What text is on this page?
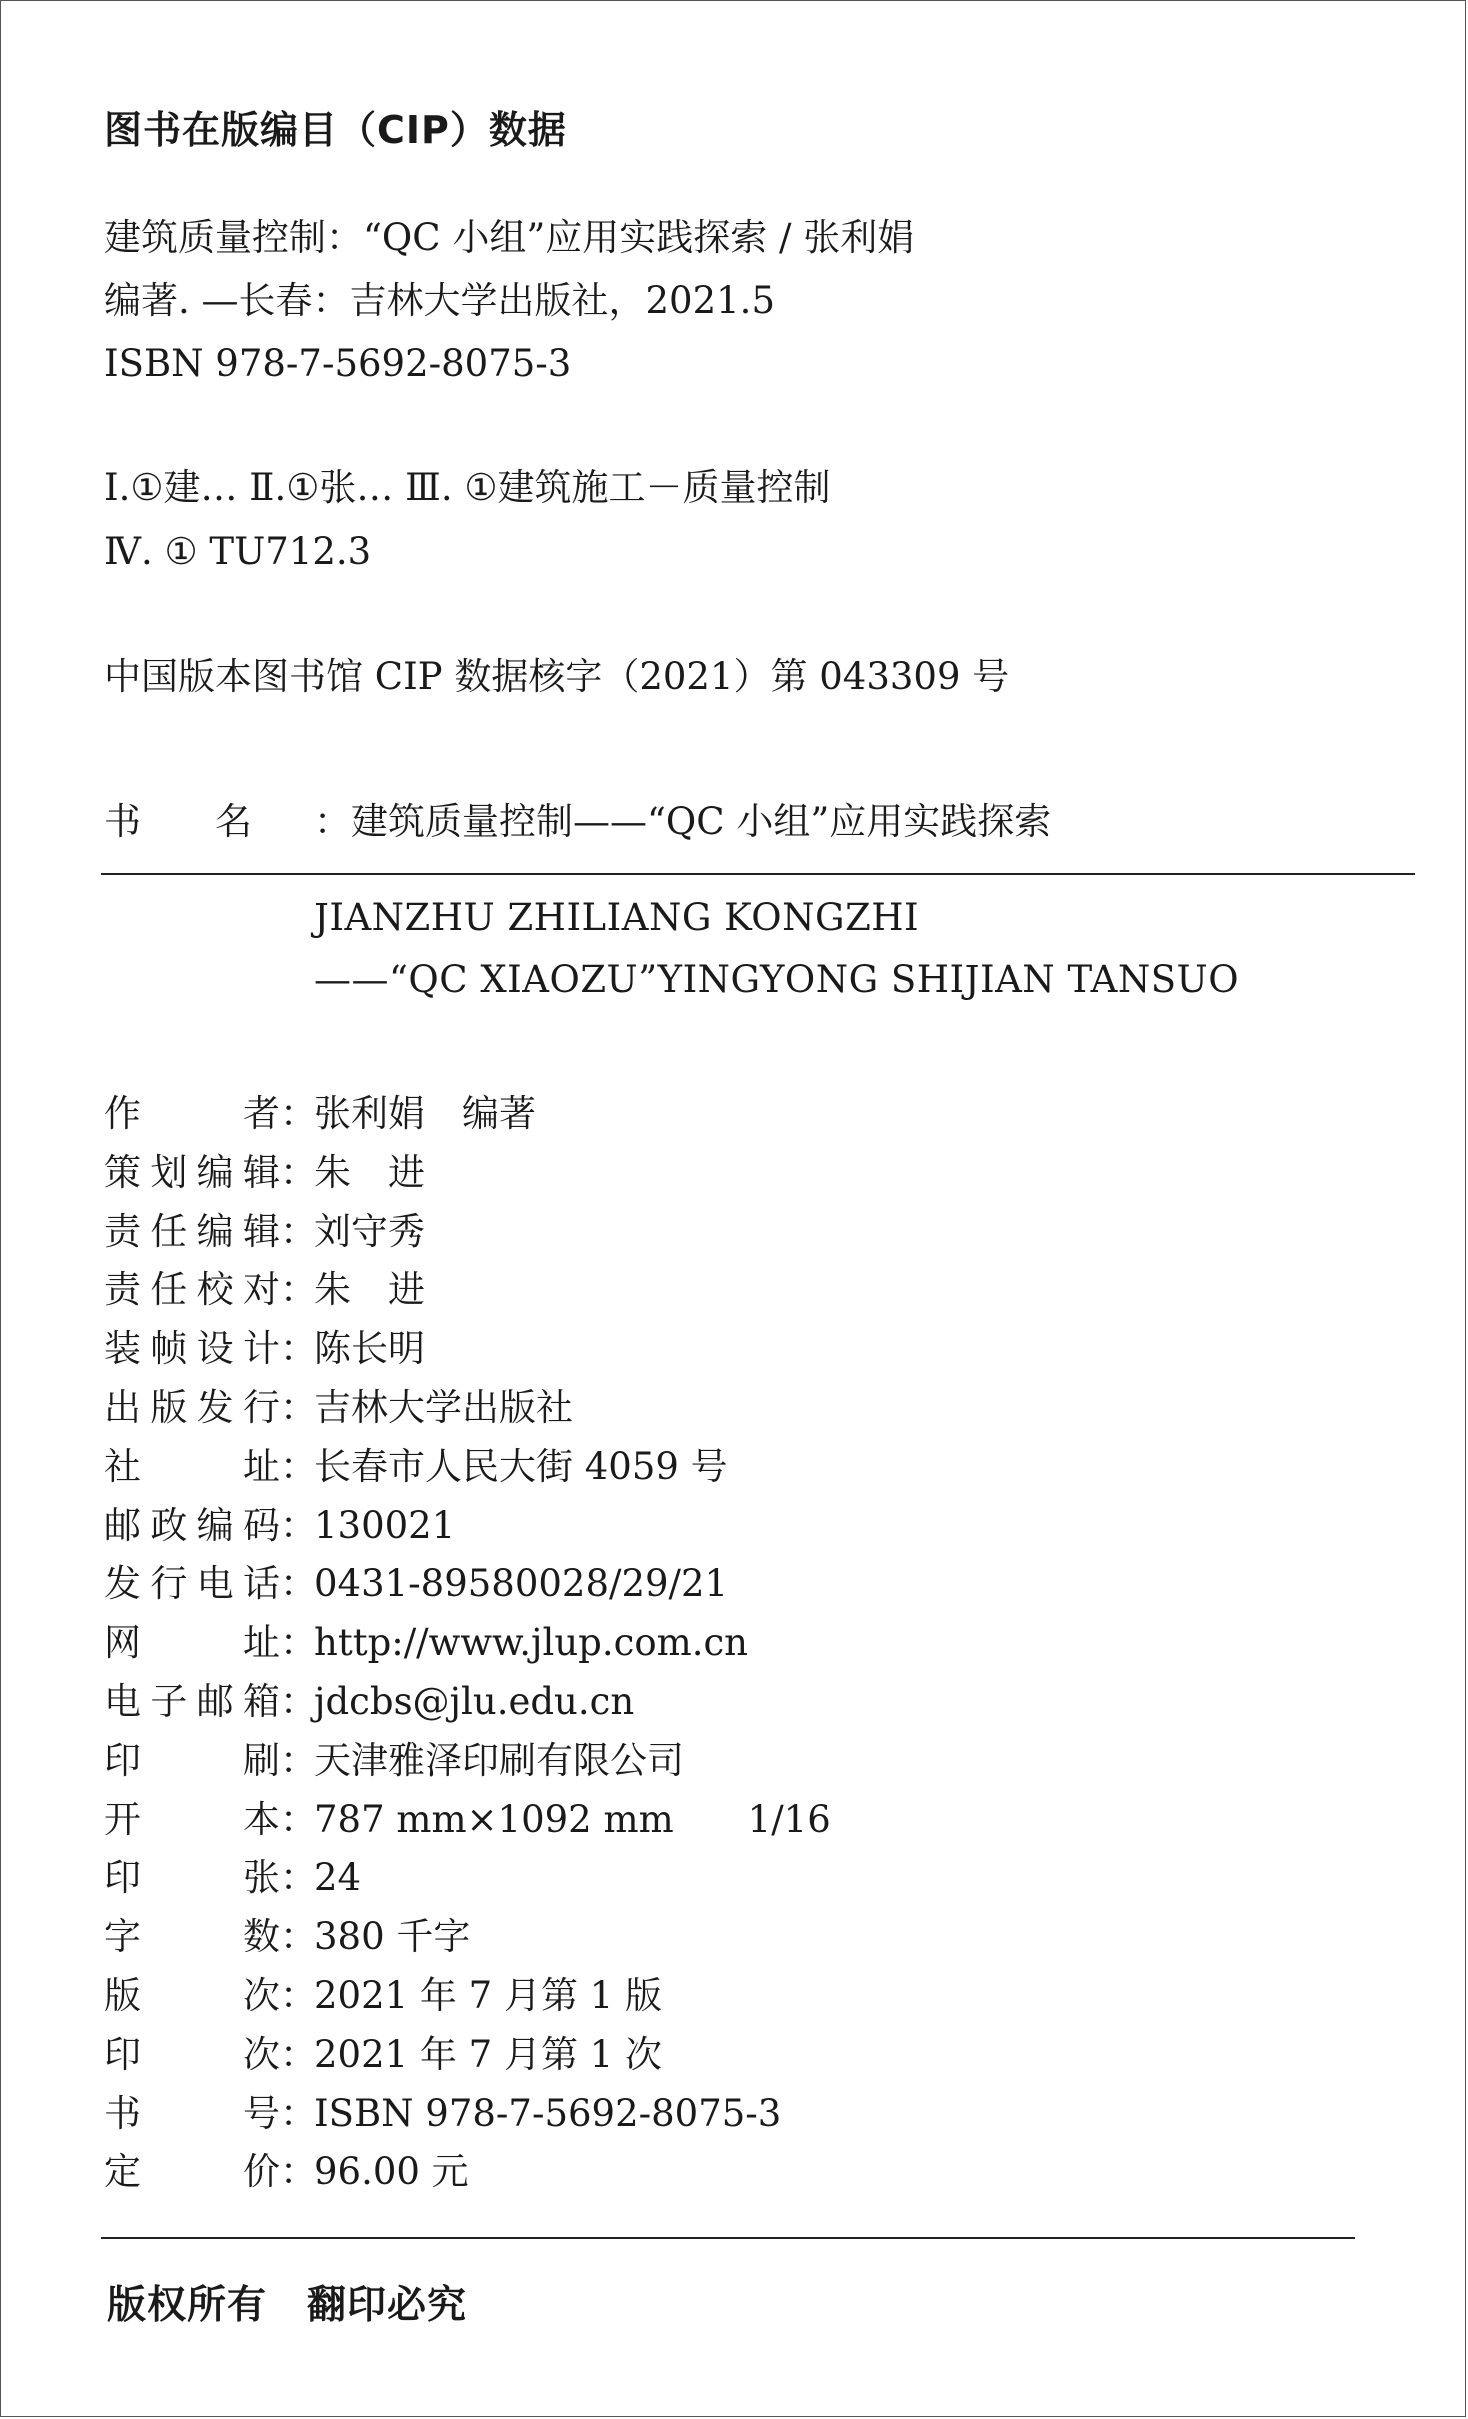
图书在版编目（CIP）数据
建筑质量控制：“QC 小组”应用实践探索 / 张利娟
编著. —长春：吉林大学出版社，2021.5
ISBN 978-7-5692-8075-3
Ⅰ.①建… Ⅱ.①张… Ⅲ. ①建筑施工－质量控制
Ⅳ. ① TU712.3
中国版本图书馆 CIP 数据核字（2021）第 043309 号
书　　名 ：建筑质量控制——“QC 小组”应用实践探索
JIANZHU ZHILIANG KONGZHI
——“QC XIAOZU”YINGYONG SHIJIAN TANSUO
作者：张利娟　编著
策划编辑：朱　进
责任编辑：刘守秀
责任校对：朱　进
装帧设计：陈长明
出版发行：吉林大学出版社
社址：长春市人民大街 4059 号
邮政编码：130021
发行电话：0431-89580028/29/21
网址：http://www.jlup.com.cn
电子邮箱：jdcbs@jlu.edu.cn
印刷：天津雅泽印刷有限公司
开本：787 mm×1092 mm　　1/16
印张：24
字数：380 千字
版次：2021 年 7 月第 1 版
印次：2021 年 7 月第 1 次
书号：ISBN 978-7-5692-8075-3
定价：96.00 元
版权所有　翻印必究
